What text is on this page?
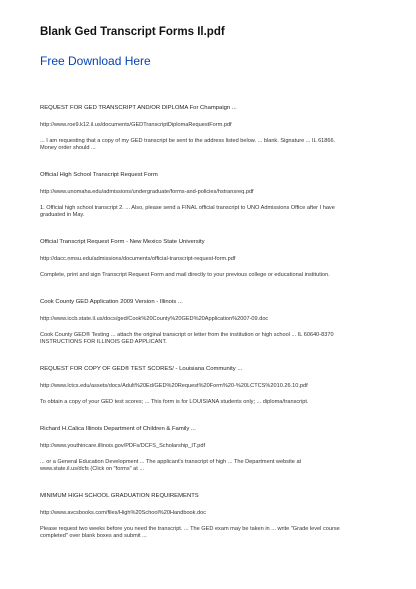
Blank Ged Transcript Forms Il.pdf
Free Download Here
REQUEST FOR GED TRANSCRIPT AND/OR DIPLOMA For Champaign ...
http://www.roe9.k12.il.us/documents/GEDTranscriptDiplomaRequestForm.pdf
... I am requesting that a copy of my GED transcript be sent to the address listed below. ... blank. Signature ... IL 61866.
Money order should ...
Official High School Transcript Request Form
http://www.unomaha.edu/admissions/undergraduate/forms-and-policies/hstransreq.pdf
1. Official high school transcript 2. ... Also, please send a FINAL official transcript to UNO Admissions Office after I have
graduated in May.
Official Transcript Request Form - New Mexico State University
http://dacc.nmsu.edu/admissions/documents/official-transcript-request-form.pdf
Complete, print and sign Transcript Request Form and mail directly to your previous college or educational institution.
Cook County GED Application 2009 Version - Illinois ...
http://www.iccb.state.il.us/docs/ged/Cook%20County%20GED%20Application%2007-09.doc
Cook County GED® Testing ... attach the original transcript or letter from the institution or high school ... IL 60640-8370
INSTRUCTIONS FOR ILLINOIS GED APPLICANT.
REQUEST FOR COPY OF GED® TEST SCORES/ - Louisiana Community ...
http://www.lctcs.edu/assets/docs/Adult%20Ed/GED%20Request%20Form%20-%20LCTCS%2010.26.10.pdf
To obtain a copy of your GED test scores; ... This form is for LOUISIANA students only; ... diploma/transcript.
Richard H.Calica Illinois Department of Children & Family ...
http://www.youthincare.illinois.gov/PDFs/DCFS_Scholarship_IT.pdf
... or a General Education Development ... The applicant's transcript of high ... The Department website at
www.state.il.us/dcfs (Click on "forms" at ...
MINIMUM HIGH SCHOOL GRADUATION REQUIREMENTS
http://www.avcsbooks.com/files/High%20School%20Handbook.doc
Please request two weeks before you need the transcript. ... The GED exam may be taken in ... write "Grade level course
completed" over blank boxes and submit ...
